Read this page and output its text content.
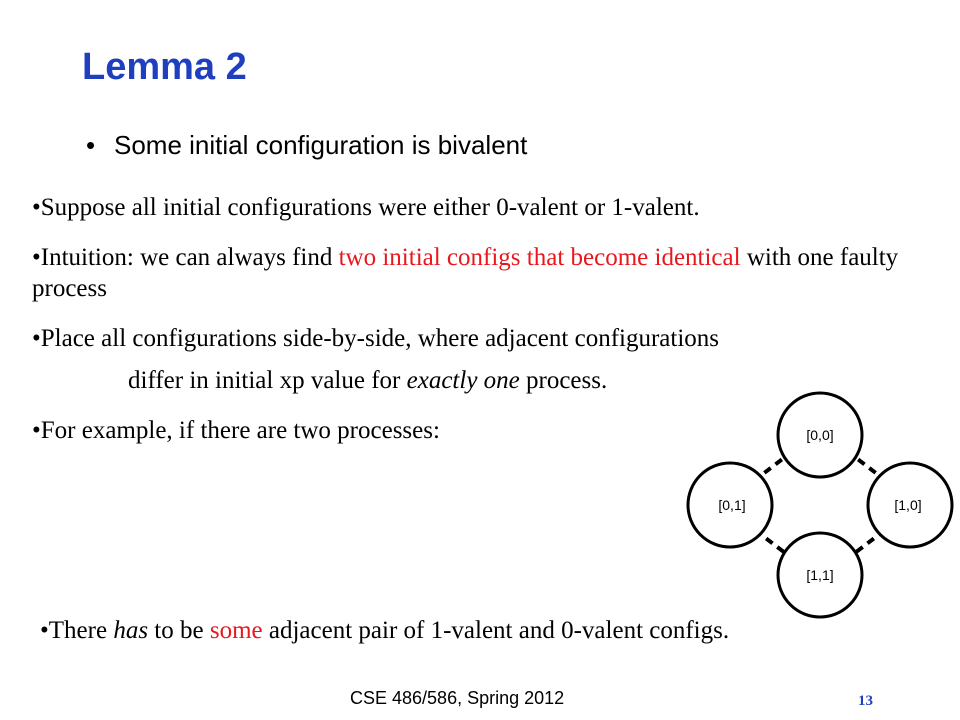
Lemma 2
• Some initial configuration is bivalent

•Suppose all initial configurations were either 0-valent or 1-valent.

•Intuition: we can always find two initial configs that become identical with one faulty process

•Place all configurations side-by-side, where adjacent configurations

differ in initial xp value for exactly one process.

•For example, if there are two processes:	[0,0]
[1,0]
[1,1]
[0,1]
•There has to be some adjacent pair of 1-valent and 0-valent configs.
CSE 486/586, Spring 2012	13
